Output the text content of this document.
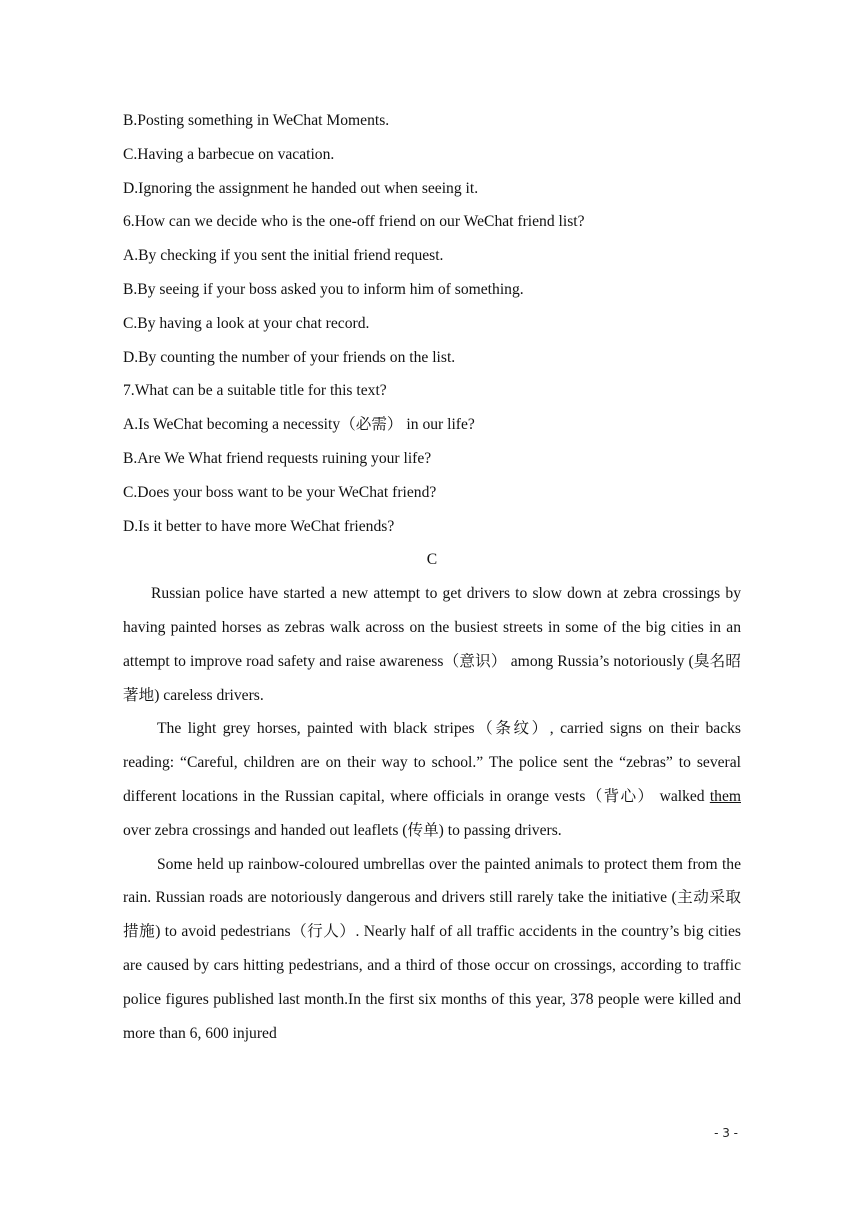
B.Posting something in WeChat Moments.

C.Having a barbecue on vacation.

D.Ignoring the assignment he handed out when seeing it.

6.How can we decide who is the one-off friend on our WeChat friend list?

A.By checking if you sent the initial friend request.

B.By seeing if your boss asked you to inform him of something.

C.By having a look at your chat record.

D.By counting the number of your friends on the list.

7.What can be a suitable title for this text?

A.Is WeChat becoming a necessity（必需） in our life?

B.Are We What friend requests ruining your life?

C.Does your boss want to be your WeChat friend?

D.Is it better to have more WeChat friends?

C

Russian police have started a new attempt to get drivers to slow down at zebra crossings by having painted horses as zebras walk across on the busiest streets in some of the big cities in an attempt to improve road safety and raise awareness（意识） among Russia’s notoriously (臭名昭著地) careless drivers.

The light grey horses, painted with black stripes（条纹）, carried signs on their backs reading: “Careful, children are on their way to school.” The police sent the “zebras” to several different locations in the Russian capital, where officials in orange vests（背心） walked them over zebra crossings and handed out leaflets (传单) to passing drivers.

Some held up rainbow-coloured umbrellas over the painted animals to protect them from the rain. Russian roads are notoriously dangerous and drivers still rarely take the initiative (主动采取措施) to avoid pedestrians（行人）. Nearly half of all traffic accidents in the country’s big cities are caused by cars hitting pedestrians, and a third of those occur on crossings, according to traffic police figures published last month.In the first six months of this year, 378 people were killed and more than 6, 600 injured

- 3 -
